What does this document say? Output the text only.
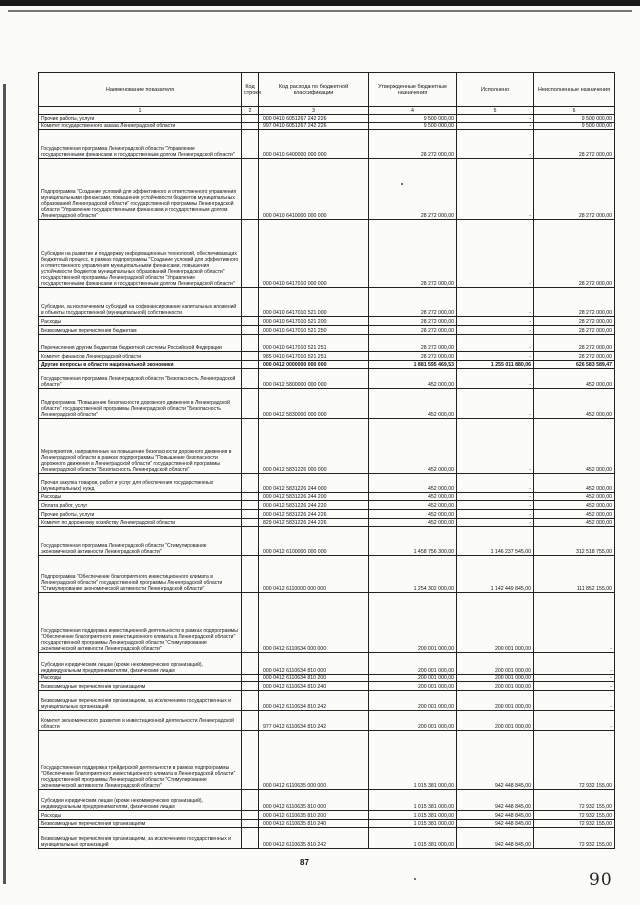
Наименование показателя	Код строки	Код расхода по бюджетной классификации	Утвержденные бюджетные назначения	Исполнено	Неисполненные назначения
1	2	3	4	5	6
Прочие работы, услуги		000 0410 6051267 242 226	9 500 000,00	-	9 500 000,00
Комитет государственного заказа Ленинградской области		997 0410 6051267 242 226	9 500 000,00	-	9 500 000,00
Государственная программа Ленинградской области "Управление государственными финансами и государственным долгом Ленинградской области"		000 0410 6400000 000 000	28 272 000,00	-	28 272 000,00
Подпрограмма "Создание условий для эффективного и ответственного управления муниципальными финансами, повышения устойчивости бюджетов муниципальных образований Ленинградской области" государственной программы Ленинградской области "Управление государственными финансами и государственным долгом Ленинградской области"		000 0410 6410000 000 000	28 272 000,00	-	28 272 000,00
Субсидии на развитие и поддержку информационных технологий, обеспечивающих бюджетный процесс, в рамках подпрограммы "Создание условий для эффективного и ответственного управления муниципальными финансами, повышения устойчивости бюджетов муниципальных образований Ленинградской области" государственной программы Ленинградской области "Управление государственными финансами и государственным долгом Ленинградской области"		000 0410 6417010 000 000	28 272 000,00	-	28 272 000,00
Субсидии, за исключением субсидий на софинансирование капитальных вложений в объекты государственной (муниципальной) собственности		000 0410 6417010 521 000	28 272 000,00	-	28 272 000,00
Расходы		000 0410 6417010 521 200	28 272 000,00	-	28 272 000,00
Безвозмездные перечисления бюджетам		000 0410 6417010 521 250	28 272 000,00	-	28 272 000,00
Перечисления другим бюджетам бюджетной системы Российской Федерации		000 0410 6417010 521 251	28 272 000,00	-	28 272 000,00
Комитет финансов Ленинградской области		985 0410 6417010 521 251	28 272 000,00	-	28 272 000,00
Другие вопросы в области национальной экономики		000 0412 0000000 000 000	1 881 595 469,53	1 255 011 880,06	626 583 589,47
Государственная программа Ленинградской области "Безопасность Ленинградской области"		000 0412 5800000 000 000	452 000,00	-	452 000,00
Подпрограмма "Повышение безопасности дорожного движения в Ленинградской области" государственной программы Ленинградской области "Безопасность Ленинградской области"		000 0412 5830000 000 000	452 000,00	-	452 000,00
Мероприятия, направленные на повышение безопасности дорожного движения в Ленинградской области в рамках подпрограммы "Повышение безопасности дорожного движения в Ленинградской области" государственной программы Ленинградской области "Безопасность Ленинградской области"		000 0412 5831226 000 000	452 000,00	-	452 000,00
Прочая закупка товаров, работ и услуг для обеспечения государственных (муниципальных) нужд		000 0412 5831226 244 000	452 000,00	-	452 000,00
Расходы		000 0412 5831226 244 200	452 000,00	-	452 000,00
Оплата работ, услуг		000 0412 5831226 244 220	452 000,00	-	452 000,00
Прочие работы, услуги		000 0412 5831226 244 226	452 000,00	-	452 000,00
Комитет по дорожному хозяйству Ленинградской области		829 0412 5831226 244 226	452 000,00	-	452 000,00
Государственная программа Ленинградской области "Стимулирование экономической активности Ленинградской области"		000 0412 6100000 000 000	1 458 756 300,00	1 146 237 545,00	312 518 755,00
Подпрограмма "Обеспечение благоприятного инвестиционного климата в Ленинградской области" государственной программы Ленинградской области "Стимулирование экономической активности Ленинградской области"		000 0412 6110000 000 000	1 254 302 000,00	1 142 449 845,00	111 852 155,00
Государственная поддержка инвестиционной деятельности в рамках подпрограммы "Обеспечение благоприятного инвестиционного климата в Ленинградской области" государственной программы Ленинградской области "Стимулирование экономической активности Ленинградской области"		000 0412 6110634 000 000	200 001 000,00	200 001 000,00	-
Субсидии юридическим лицам (кроме некоммерческих организаций), индивидуальным предпринимателям, физическим лицам		000 0412 6110634 810 000	200 001 000,00	200 001 000,00	-
Расходы		000 0412 6110634 810 200	200 001 000,00	200 001 000,00	-
Безвозмездные перечисления организациям		000 0412 6110634 810 240	200 001 000,00	200 001 000,00	-
Безвозмездные перечисления организациям, за исключением государственных и муниципальных организаций		000 0412 6110634 810 242	200 001 000,00	200 001 000,00	-
Комитет экономического развития и инвестиционной деятельности Ленинградской области		977 0412 6110634 810 242	200 001 000,00	200 001 000,00	-
Государственная поддержка трейдерской деятельности в рамках подпрограммы "Обеспечение благоприятного инвестиционного климата в Ленинградской области" государственной программы Ленинградской области "Стимулирование экономической активности Ленинградской области"		000 0412 6110635 000 000	1 015 381 000,00	942 448 845,00	72 932 155,00
Субсидии юридическим лицам (кроме некоммерческих организаций), индивидуальным предпринимателям, физическим лицам		000 0412 6110635 810 000	1 015 381 000,00	942 448 845,00	72 932 155,00
Расходы		000 0412 6110635 810 200	1 015 381 000,00	942 448 845,00	72 932 155,00
Безвозмездные перечисления организациям		000 0412 6110635 810 240	1 015 381 000,00	942 448 845,00	72 932 155,00
Безвозмездные перечисления организациям, за исключением государственных и муниципальных организаций		000 0412 6110635 810 242	1 015 381 000,00	942 448 845,00	72 932 155,00
87
90
